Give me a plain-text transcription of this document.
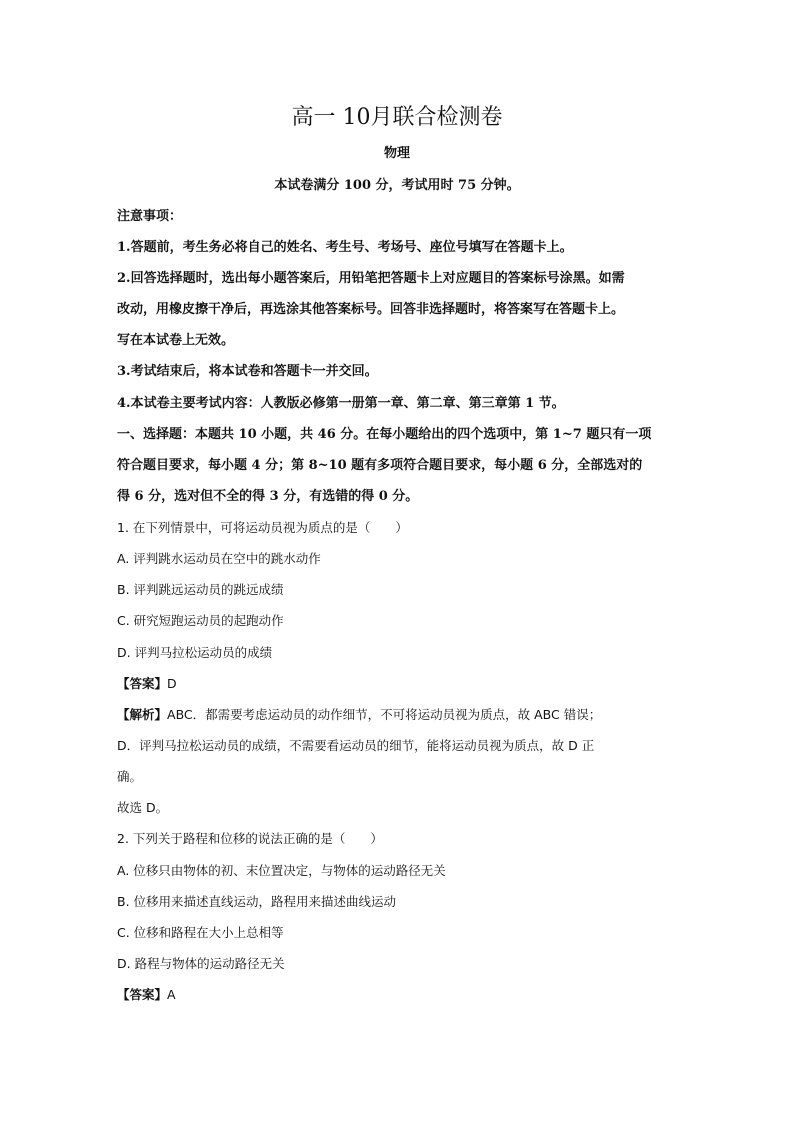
高一 10月联合检测卷
物理
本试卷满分 100 分，考试用时 75 分钟。
注意事项：
1.答题前，考生务必将自己的姓名、考生号、考场号、座位号填写在答题卡上。
2.回答选择题时，选出每小题答案后，用铅笔把答题卡上对应题目的答案标号涂黑。如需
改动，用橡皮擦干净后，再选涂其他答案标号。回答非选择题时，将答案写在答题卡上。
写在本试卷上无效。
3.考试结束后，将本试卷和答题卡一并交回。
4.本试卷主要考试内容：人教版必修第一册第一章、第二章、第三章第 1 节。
一、选择题：本题共 10 小题，共 46 分。在每小题给出的四个选项中，第 1~7 题只有一项
符合题目要求，每小题 4 分；第 8~10 题有多项符合题目要求，每小题 6 分，全部选对的
得 6 分，选对但不全的得 3 分，有选错的得 0 分。
1. 在下列情景中，可将运动员视为质点的是（　　）
A. 评判跳水运动员在空中的跳水动作
B. 评判跳远运动员的跳远成绩
C. 研究短跑运动员的起跑动作
D. 评判马拉松运动员的成绩
【答案】D
【解析】ABC．都需要考虑运动员的动作细节，不可将运动员视为质点，故 ABC 错误；
D．评判马拉松运动员的成绩，不需要看运动员的细节，能将运动员视为质点，故 D 正
确。
故选 D。
2. 下列关于路程和位移的说法正确的是（　　）
A. 位移只由物体的初、末位置决定，与物体的运动路径无关
B. 位移用来描述直线运动，路程用来描述曲线运动
C. 位移和路程在大小上总相等
D. 路程与物体的运动路径无关
【答案】A
